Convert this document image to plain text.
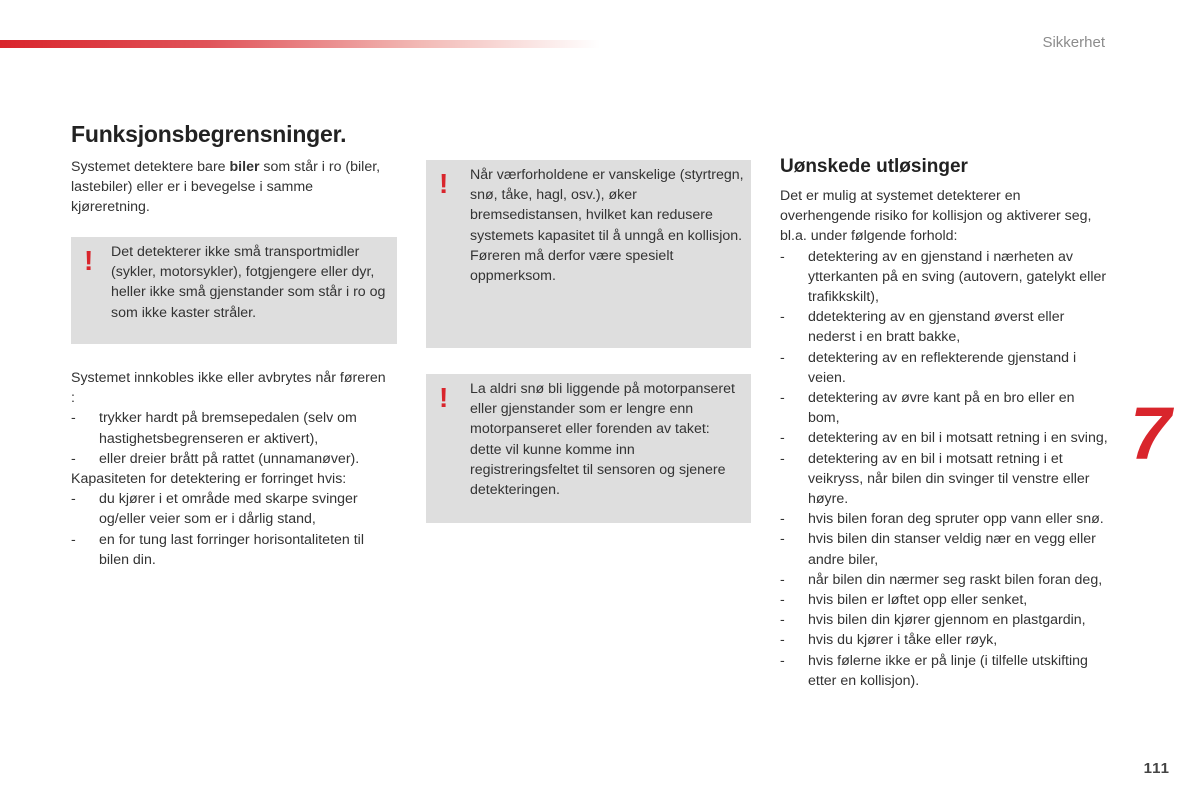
Sikkerhet
Funksjonsbegrensninger.

Systemet detektere bare biler som står i ro (biler, lastebiler) eller er i bevegelse i samme kjøreretning.

! Det detekterer ikke små transportmidler (sykler, motorsykler), fotgjengere eller dyr, heller ikke små gjenstander som står i ro og som ikke kaster stråler.

Systemet innkobles ikke eller avbrytes når føreren :

- trykker hardt på bremsepedalen (selv om hastighetsbegrenseren er aktivert),
- eller dreier brått på rattet (unnamanøver).

Kapasiteten for detektering er forringet hvis:

- du kjører i et område med skarpe svinger og/eller veier som er i dårlig stand,
- en for tung last forringer horisontaliteten til bilen din.
! Når værforholdene er vanskelige (styrtregn, snø, tåke, hagl, osv.), øker bremsedistansen, hvilket kan redusere systemets kapasitet til å unngå en kollisjon.

Føreren må derfor være spesielt oppmerksom.

! La aldri snø bli liggende på motorpanseret eller gjenstander som er lengre enn motorpanseret eller forenden av taket: dette vil kunne komme inn registreringsfeltet til sensoren og sjenere detekteringen.

Uønskede utløsinger

Det er mulig at systemet detekterer en overhengende risiko for kollisjon og aktiverer seg, bl.a. under følgende forhold:

- detektering av en gjenstand i nærheten av ytterkanten på en sving (autovern, gatelykt eller trafikkskilt),
- ddetektering av en gjenstand øverst eller nederst i en bratt bakke,
- detektering av en reflekterende gjenstand i veien.
- detektering av øvre kant på en bro eller en bom,
- detektering av en bil i motsatt retning i en sving,
- detektering av en bil i motsatt retning i et veikryss, når bilen din svinger til venstre eller høyre.
- hvis bilen foran deg spruter opp vann eller snø.
- hvis bilen din stanser veldig nær en vegg eller andre biler,
- når bilen din nærmer seg raskt bilen foran deg,
- hvis bilen er løftet opp eller senket,
- hvis bilen din kjører gjennom en plastgardin,
- hvis du kjører i tåke eller røyk,
- hvis følerne ikke er på linje (i tilfelle utskifting etter en kollisjon).
7
111
